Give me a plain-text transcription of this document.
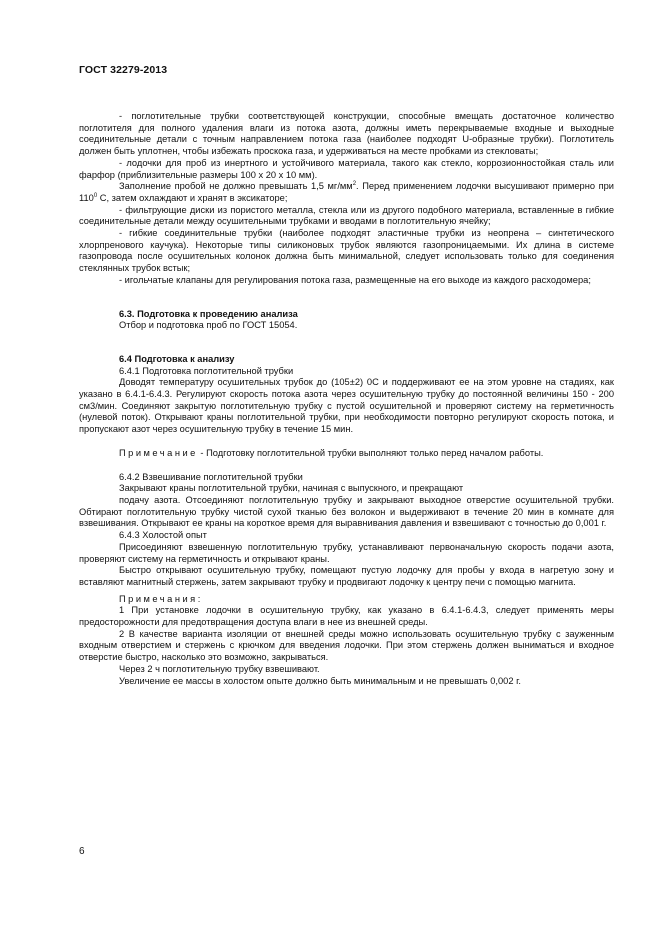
ГОСТ 32279-2013

- поглотительные трубки соответствующей конструкции, способные вмещать достаточное количество поглотителя для полного удаления влаги из потока азота, должны иметь перекрываемые входные и выходные соединительные детали с точным направлением потока газа (наиболее подходят U-образные трубки). Поглотитель должен быть уплотнен, чтобы избежать проскока газа, и удерживаться на месте пробками из стекловаты;

- лодочки для проб из инертного и устойчивого материала, такого как стекло, коррозионностойкая сталь или фарфор (приблизительные размеры 100 х 20 х 10 мм).

Заполнение пробой не должно превышать 1,5 $мг/мм^2$. Перед применением лодочки высушивают примерно при $110^0$ С, затем охлаждают и хранят в эксикаторе;

- фильтрующие диски из пористого металла, стекла или из другого подобного материала, вставленные в гибкие соединительные детали между осушительными трубками и вводами в поглотительную ячейку;

- гибкие соединительные трубки (наиболее подходят эластичные трубки из неопрена – синтетического хлорпренового каучука). Некоторые типы силиконовых трубок являются газопроницаемыми. Их длина в системе газопровода после осушительных колонок должна быть минимальной, следует использовать только для соединения стеклянных трубок встык;

- игольчатые клапаны для регулирования потока газа, размещенные на его выходе из каждого расходомера;

6.3. Подготовка к проведению анализа

Отбор и подготовка проб по ГОСТ 15054.

6.4 Подготовка к анализу

6.4.1 Подготовка поглотительной трубки

Доводят температуру осушительных трубок до (105±2) 0С и поддерживают ее на этом уровне на стадиях, как указано в 6.4.1-6.4.3. Регулируют скорость потока азота через осушительную трубку до постоянной величины 150 - 200 см3/мин. Соединяют закрытую поглотительную трубку с пустой осушительной и проверяют систему на герметичность (нулевой поток). Открывают краны поглотительной трубки, при необходимости повторно регулируют скорость потока, и пропускают азот через осушительную трубку в течение 15 мин.

Примечание - Подготовку поглотительной трубки выполняют только перед началом работы.

6.4.2 Взвешивание поглотительной трубки

Закрывают краны поглотительной трубки, начиная с выпускного, и прекращают

подачу азота. Отсоединяют поглотительную трубку и закрывают выходное отверстие осушительной трубки. Обтирают поглотительную трубку чистой сухой тканью без волокон и выдерживают в течение 20 мин в комнате для взвешивания. Открывают ее краны на короткое время для выравнивания давления и взвешивают с точностью до 0,001 г.

6.4.3 Холостой опыт

Присоединяют взвешенную поглотительную трубку, устанавливают первоначальную скорость подачи азота, проверяют систему на герметичность и открывают краны.

Быстро открывают осушительную трубку, помещают пустую лодочку для пробы у входа в нагретую зону и вставляют магнитный стержень, затем закрывают трубку и продвигают лодочку к центру печи с помощью магнита.

Примечания:

1 При установке лодочки в осушительную трубку, как указано в 6.4.1-6.4.3, следует применять меры предосторожности для предотвращения доступа влаги в нее из внешней среды.

2 В качестве варианта изоляции от внешней среды можно использовать осушительную трубку с зауженным входным отверстием и стержень с крючком для введения лодочки. При этом стержень должен выниматься и входное отверстие быстро, насколько это возможно, закрываться.

Через 2 ч поглотительную трубку взвешивают.

Увеличение ее массы в холостом опыте должно быть минимальным и не превышать 0,002 г.

6
